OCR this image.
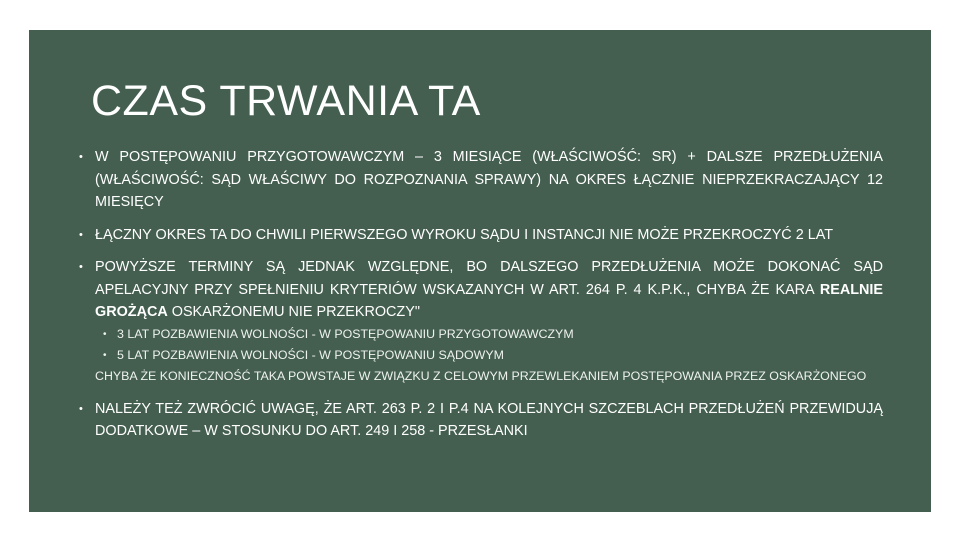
CZAS TRWANIA TA
• W POSTĘPOWANIU PRZYGOTOWAWCZYM – 3 MIESIĄCE (WŁAŚCIWOŚĆ: SR) + DALSZE PRZEDŁUŻENIA (WŁAŚCIWOŚĆ: SĄD WŁAŚCIWY DO ROZPOZNANIA SPRAWY) NA OKRES ŁĄCZNIE NIEPRZEKRACZAJĄCY 12 MIESIĘCY
• ŁĄCZNY OKRES TA DO CHWILI PIERWSZEGO WYROKU SĄDU I INSTANCJI NIE MOŻE PRZEKROCZYĆ 2 LAT
• POWYŻSZE TERMINY SĄ JEDNAK WZGLĘDNE, BO DALSZEGO PRZEDŁUŻENIA MOŻE DOKONAĆ SĄD APELACYJNY PRZY SPEŁNIENIU KRYTERIÓW WSKAZANYCH W ART. 264 P. 4 K.P.K., CHYBA ŻE KARA REALNIE GROŻĄCA OSKARŻONEMU NIE PRZEKROCZY"
• 3 LAT POZBAWIENIA WOLNOŚCI - W POSTĘPOWANIU PRZYGOTOWAWCZYM
• 5 LAT POZBAWIENIA WOLNOŚCI - W POSTĘPOWANIU SĄDOWYM
CHYBA ŻE KONIECZNOŚĆ TAKA POWSTAJE W ZWIĄZKU Z CELOWYM PRZEWLEKANIEM POSTĘPOWANIA PRZEZ OSKARŻONEGO
• NALEŻY TEŻ ZWRÓCIĆ UWAGĘ, ŻE ART. 263 P. 2 I P.4 NA KOLEJNYCH SZCZEBLACH PRZEDŁUŻEŃ PRZEWIDUJĄ DODATKOWE – W STOSUNKU DO ART. 249 I 258 - PRZESŁANKI
